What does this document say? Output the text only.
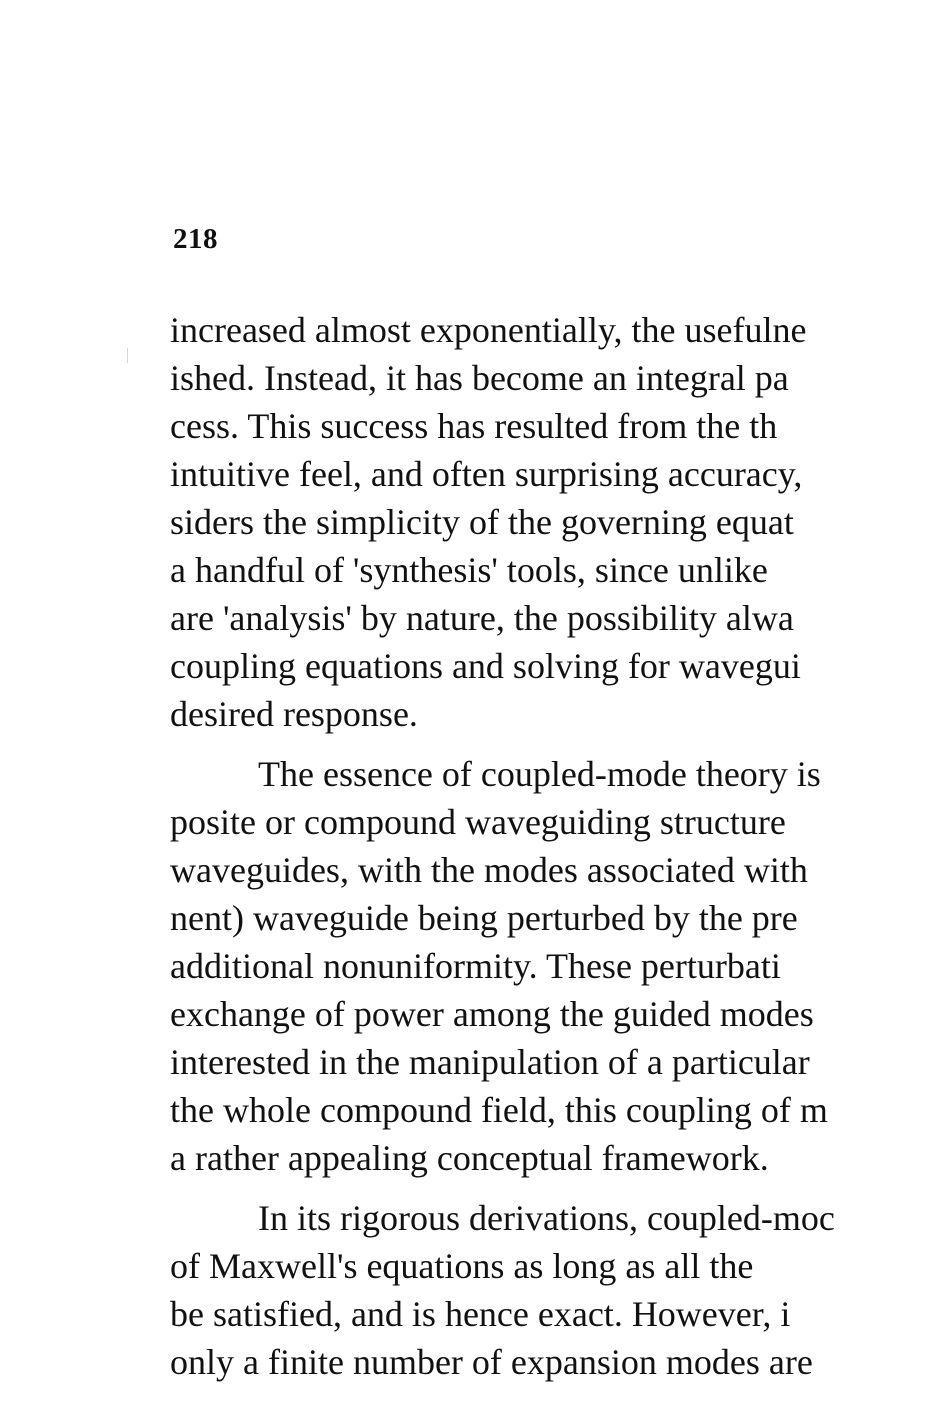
218

increased almost exponentially, the usefulne
ished. Instead, it has become an integral pa
cess. This success has resulted from the th
intuitive feel, and often surprising accuracy,
siders the simplicity of the governing equat
a handful of 'synthesis' tools, since unlike
are 'analysis' by nature, the possibility alwa
coupling equations and solving for wavegui
desired response.

The essence of coupled-mode theory is
posite or compound waveguiding structure
waveguides, with the modes associated with
nent) waveguide being perturbed by the pre
additional nonuniformity. These perturbati
exchange of power among the guided modes
interested in the manipulation of a particular
the whole compound field, this coupling of m
a rather appealing conceptual framework.

In its rigorous derivations, coupled-moc
of Maxwell's equations as long as all the
be satisfied, and is hence exact. However, i
only a finite number of expansion modes are
